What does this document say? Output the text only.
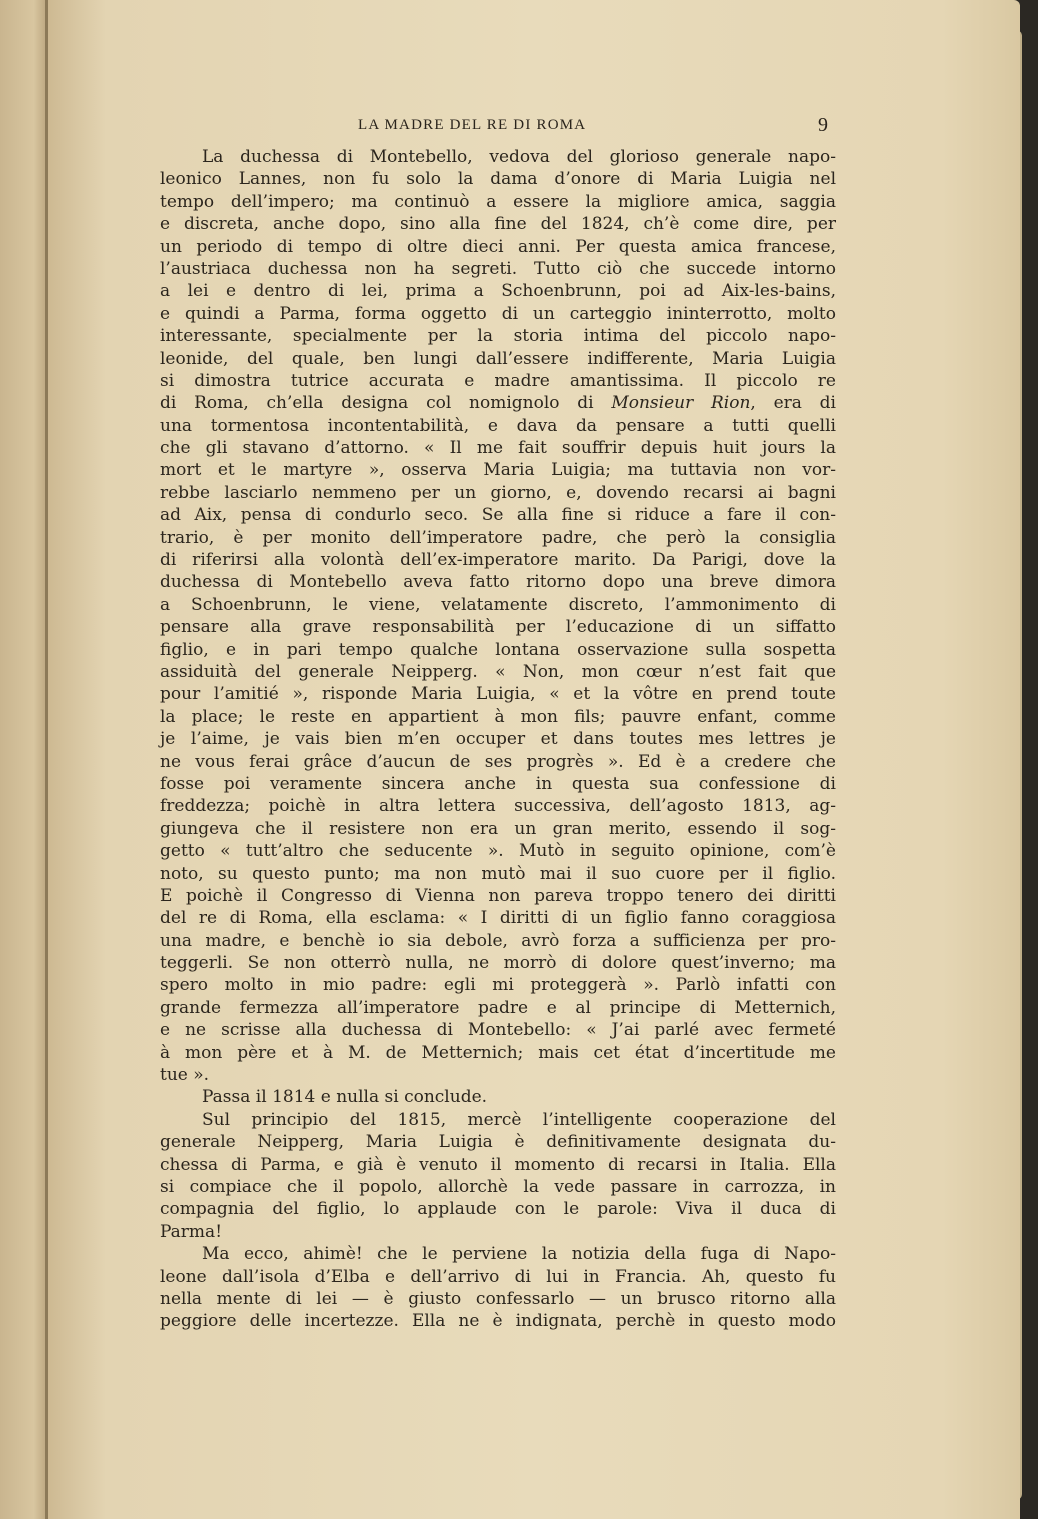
LA MADRE DEL RE DI ROMA	9
La duchessa di Montebello, vedova del glorioso generale napo-
leonico Lannes, non fu solo la dama d’onore di Maria Luigia nel
tempo dell’impero; ma continuò a essere la migliore amica, saggia
e discreta, anche dopo, sino alla fine del 1824, ch’è come dire, per
un periodo di tempo di oltre dieci anni. Per questa amica francese,
l’austriaca duchessa non ha segreti. Tutto ciò che succede intorno
a lei e dentro di lei, prima a Schoenbrunn, poi ad Aix-les-bains,
e quindi a Parma, forma oggetto di un carteggio ininterrotto, molto
interessante, specialmente per la storia intima del piccolo napo-
leonide, del quale, ben lungi dall’essere indifferente, Maria Luigia
si dimostra tutrice accurata e madre amantissima. Il piccolo re
di Roma, ch’ella designa col nomignolo di Monsieur Rion, era di
una tormentosa incontentabilità, e dava da pensare a tutti quelli
che gli stavano d’attorno. « Il me fait souffrir depuis huit jours la
mort et le martyre », osserva Maria Luigia; ma tuttavia non vor-
rebbe lasciarlo nemmeno per un giorno, e, dovendo recarsi ai bagni
ad Aix, pensa di condurlo seco. Se alla fine si riduce a fare il con-
trario, è per monito dell’imperatore padre, che però la consiglia
di riferirsi alla volontà dell’ex-imperatore marito. Da Parigi, dove la
duchessa di Montebello aveva fatto ritorno dopo una breve dimora
a Schoenbrunn, le viene, velatamente discreto, l’ammonimento di
pensare alla grave responsabilità per l’educazione di un siffatto
figlio, e in pari tempo qualche lontana osservazione sulla sospetta
assiduità del generale Neipperg. « Non, mon cœur n’est fait que
pour l’amitié », risponde Maria Luigia, « et la vôtre en prend toute
la place; le reste en appartient à mon fils; pauvre enfant, comme
je l’aime, je vais bien m’en occuper et dans toutes mes lettres je
ne vous ferai grâce d’aucun de ses progrès ». Ed è a credere che
fosse poi veramente sincera anche in questa sua confessione di
freddezza; poichè in altra lettera successiva, dell’agosto 1813, ag-
giungeva che il resistere non era un gran merito, essendo il sog-
getto « tutt’altro che seducente ». Mutò in seguito opinione, com’è
noto, su questo punto; ma non mutò mai il suo cuore per il figlio.
E poichè il Congresso di Vienna non pareva troppo tenero dei diritti
del re di Roma, ella esclama: « I diritti di un figlio fanno coraggiosa
una madre, e benchè io sia debole, avrò forza a sufficienza per pro-
teggerli. Se non otterrò nulla, ne morrò di dolore quest’inverno; ma
spero molto in mio padre: egli mi proteggerà ». Parlò infatti con
grande fermezza all’imperatore padre e al principe di Metternich,
e ne scrisse alla duchessa di Montebello: « J’ai parlé avec fermeté
à mon père et à M. de Metternich; mais cet état d’incertitude me
tue ».
Passa il 1814 e nulla si conclude.
Sul principio del 1815, mercè l’intelligente cooperazione del
generale Neipperg, Maria Luigia è definitivamente designata du-
chessa di Parma, e già è venuto il momento di recarsi in Italia. Ella
si compiace che il popolo, allorchè la vede passare in carrozza, in
compagnia del figlio, lo applaude con le parole: Viva il duca di
Parma!
Ma ecco, ahimè! che le perviene la notizia della fuga di Napo-
leone dall’isola d’Elba e dell’arrivo di lui in Francia. Ah, questo fu
nella mente di lei — è giusto confessarlo — un brusco ritorno alla
peggiore delle incertezze. Ella ne è indignata, perchè in questo modo
